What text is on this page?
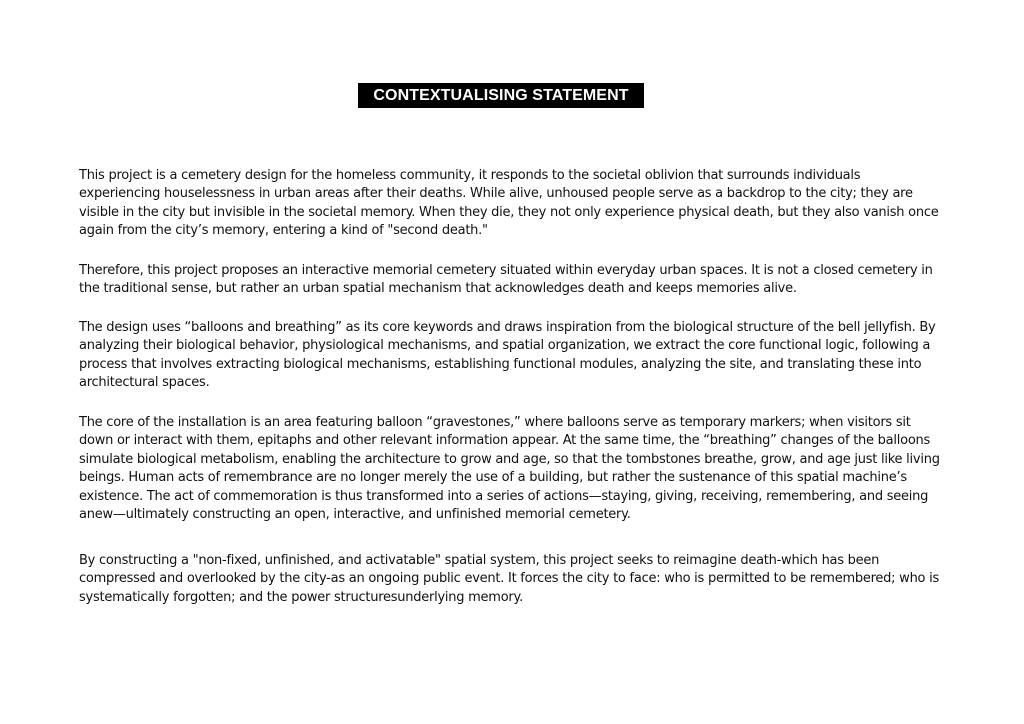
CONTEXTUALISING STATEMENT

This project is a cemetery design for the homeless community, it responds to the societal oblivion that surrounds individuals experiencing houselessness in urban areas after their deaths. While alive, unhoused people serve as a backdrop to the city; they are visible in the city but invisible in the societal memory. When they die, they not only experience physical death, but they also vanish once again from the city’s memory, entering a kind of "second death."

Therefore, this project proposes an interactive memorial cemetery situated within everyday urban spaces. It is not a closed cemetery in the traditional sense, but rather an urban spatial mechanism that acknowledges death and keeps memories alive.

The design uses “balloons and breathing” as its core keywords and draws inspiration from the biological structure of the bell jellyfish. By analyzing their biological behavior, physiological mechanisms, and spatial organization, we extract the core functional logic, following a process that involves extracting biological mechanisms, establishing functional modules, analyzing the site, and translating these into architectural spaces.

The core of the installation is an area featuring balloon “gravestones,” where balloons serve as temporary markers; when visitors sit down or interact with them, epitaphs and other relevant information appear. At the same time, the “breathing” changes of the balloons simulate biological metabolism, enabling the architecture to grow and age, so that the tombstones breathe, grow, and age just like living beings. Human acts of remembrance are no longer merely the use of a building, but rather the sustenance of this spatial machine’s existence. The act of commemoration is thus transformed into a series of actions—staying, giving, receiving, remembering, and seeing anew—ultimately constructing an open, interactive, and unfinished memorial cemetery.

By constructing a "non-fixed, unfinished, and activatable" spatial system, this project seeks to reimagine death-which has been compressed and overlooked by the city-as an ongoing public event. It forces the city to face: who is permitted to be remembered; who is systematically forgotten; and the power structuresunderlying memory.
